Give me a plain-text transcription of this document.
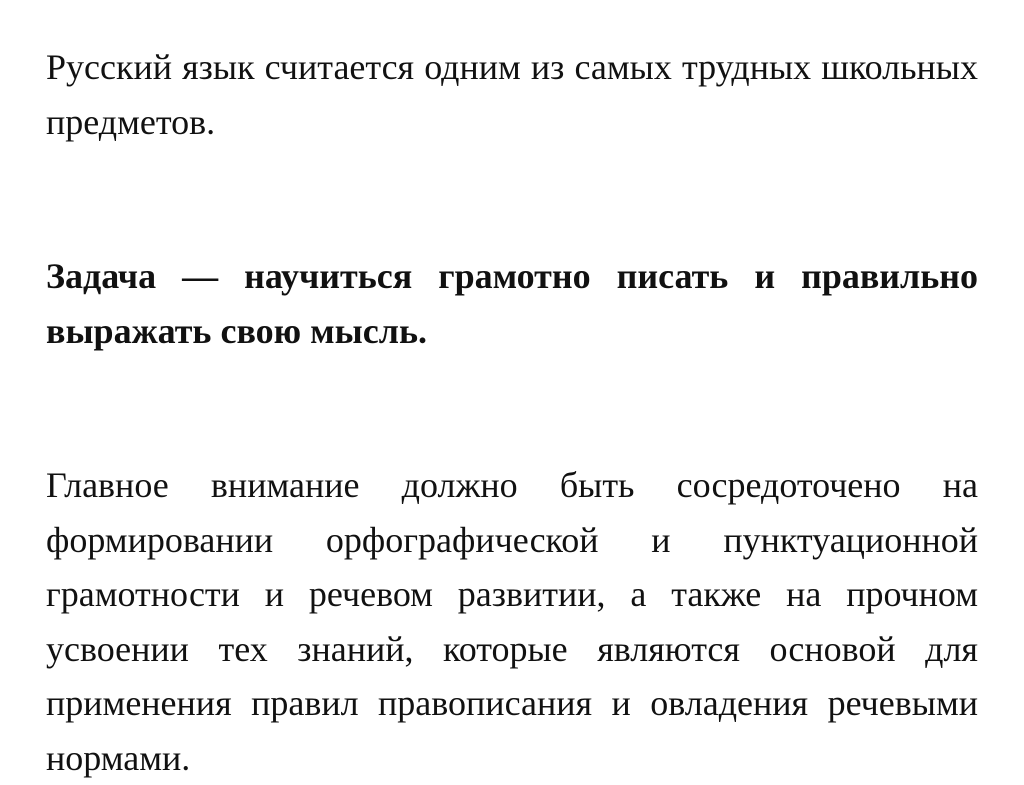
Русский язык считается одним из самых трудных школьных предметов.

Задача — научиться грамотно писать и правильно выражать свою мысль.

Главное внимание должно быть сосредоточено на формировании орфографической и пунктуационной грамотности и речевом развитии, а также на прочном усвоении тех знаний, которые являются основой для применения правил правописания и овладения речевыми нормами.
